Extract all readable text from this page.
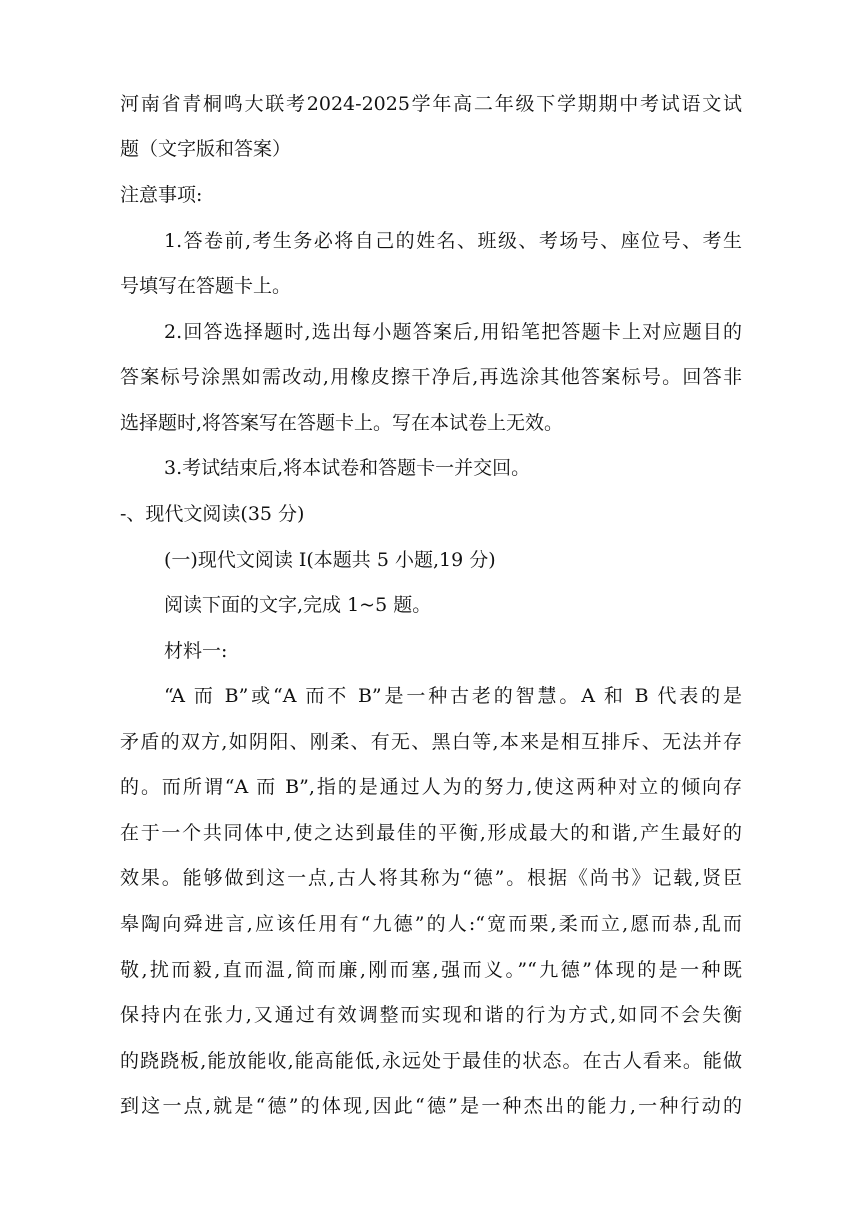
河南省青桐鸣大联考2024-2025学年高二年级下学期期中考试语文试
题（文字版和答案）
注意事项:
1.答卷前,考生务必将自己的姓名、班级、考场号、座位号、考生
号填写在答题卡上。
2.回答选择题时,选出每小题答案后,用铅笔把答题卡上对应题目的
答案标号涂黑如需改动,用橡皮擦干净后,再选涂其他答案标号。回答非
选择题时,将答案写在答题卡上。写在本试卷上无效。
3.考试结束后,将本试卷和答题卡一并交回。
-、现代文阅读(35 分)
(一)现代文阅读 I(本题共 5 小题,19 分)
阅读下面的文字,完成 1~5 题。
材料一:
“A 而 B”或“A 而不 B”是一种古老的智慧。A 和 B 代表的是
矛盾的双方,如阴阳、刚柔、有无、黑白等,本来是相互排斥、无法并存
的。而所谓“A 而 B”,指的是通过人为的努力,使这两种对立的倾向存
在于一个共同体中,使之达到最佳的平衡,形成最大的和谐,产生最好的
效果。能够做到这一点,古人将其称为“德”。根据《尚书》记载,贤臣
皋陶向舜进言,应该任用有“九德”的人:“宽而栗,柔而立,愿而恭,乱而
敬,扰而毅,直而温,简而廉,刚而塞,强而义。”“九德”体现的是一种既
保持内在张力,又通过有效调整而实现和谐的行为方式,如同不会失衡
的跷跷板,能放能收,能高能低,永远处于最佳的状态。在古人看来。能做
到这一点,就是“德”的体现,因此“德”是一种杰出的能力,一种行动的
